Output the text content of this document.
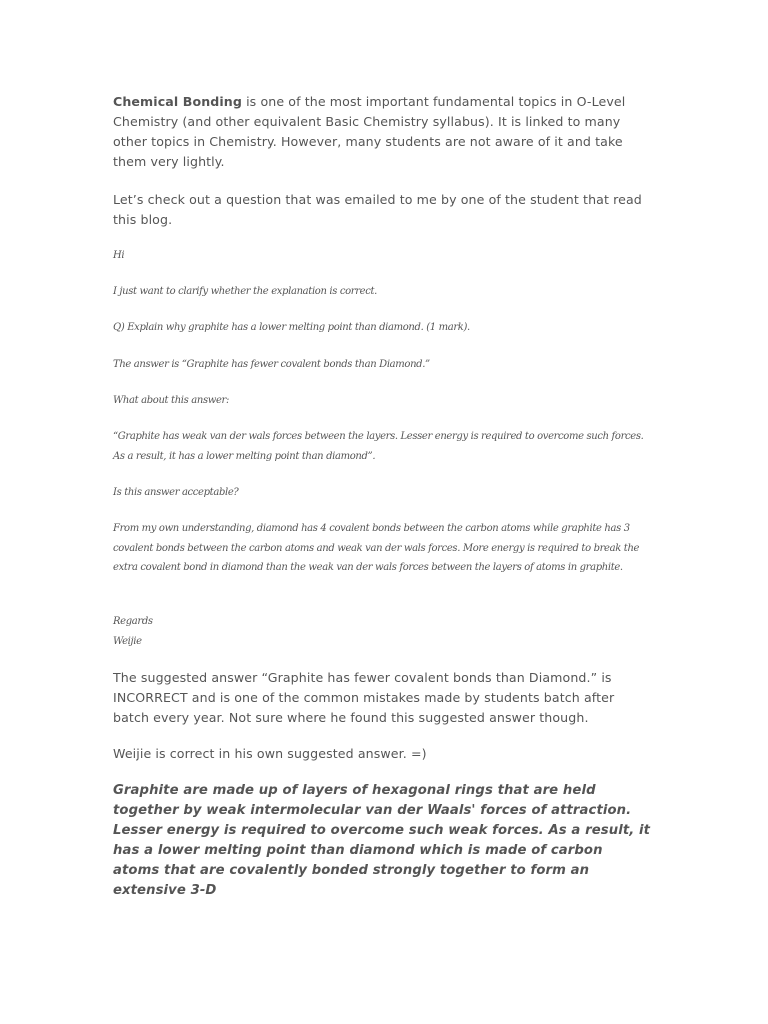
Chemical Bonding is one of the most important fundamental topics in O-Level Chemistry (and other equivalent Basic Chemistry syllabus). It is linked to many other topics in Chemistry. However, many students are not aware of it and take them very lightly.

Let’s check out a question that was emailed to me by one of the student that read this blog.

Hi

I just want to clarify whether the explanation is correct.

Q) Explain why graphite has a lower melting point than diamond. (1 mark).

The answer is “Graphite has fewer covalent bonds than Diamond.”

What about this answer:

“Graphite has weak van der wals forces between the layers. Lesser energy is required to overcome such forces. As a result, it has a lower melting point than diamond”.

Is this answer acceptable?

From my own understanding, diamond has 4 covalent bonds between the carbon atoms while graphite has 3 covalent bonds between the carbon atoms and weak van der wals forces. More energy is required to break the extra covalent bond in diamond than the weak van der wals forces between the layers of atoms in graphite.

Regards

Weijie

The suggested answer “Graphite has fewer covalent bonds than Diamond.” is INCORRECT and is one of the common mistakes made by students batch after batch every year. Not sure where he found this suggested answer though.

Weijie is correct in his own suggested answer. =)

Graphite are made up of layers of hexagonal rings that are held together by weak intermolecular van der Waals' forces of attraction. Lesser energy is required to overcome such weak forces. As a result, it has a lower melting point than diamond which is made of carbon atoms that are covalently bonded strongly together to form an extensive 3-D
